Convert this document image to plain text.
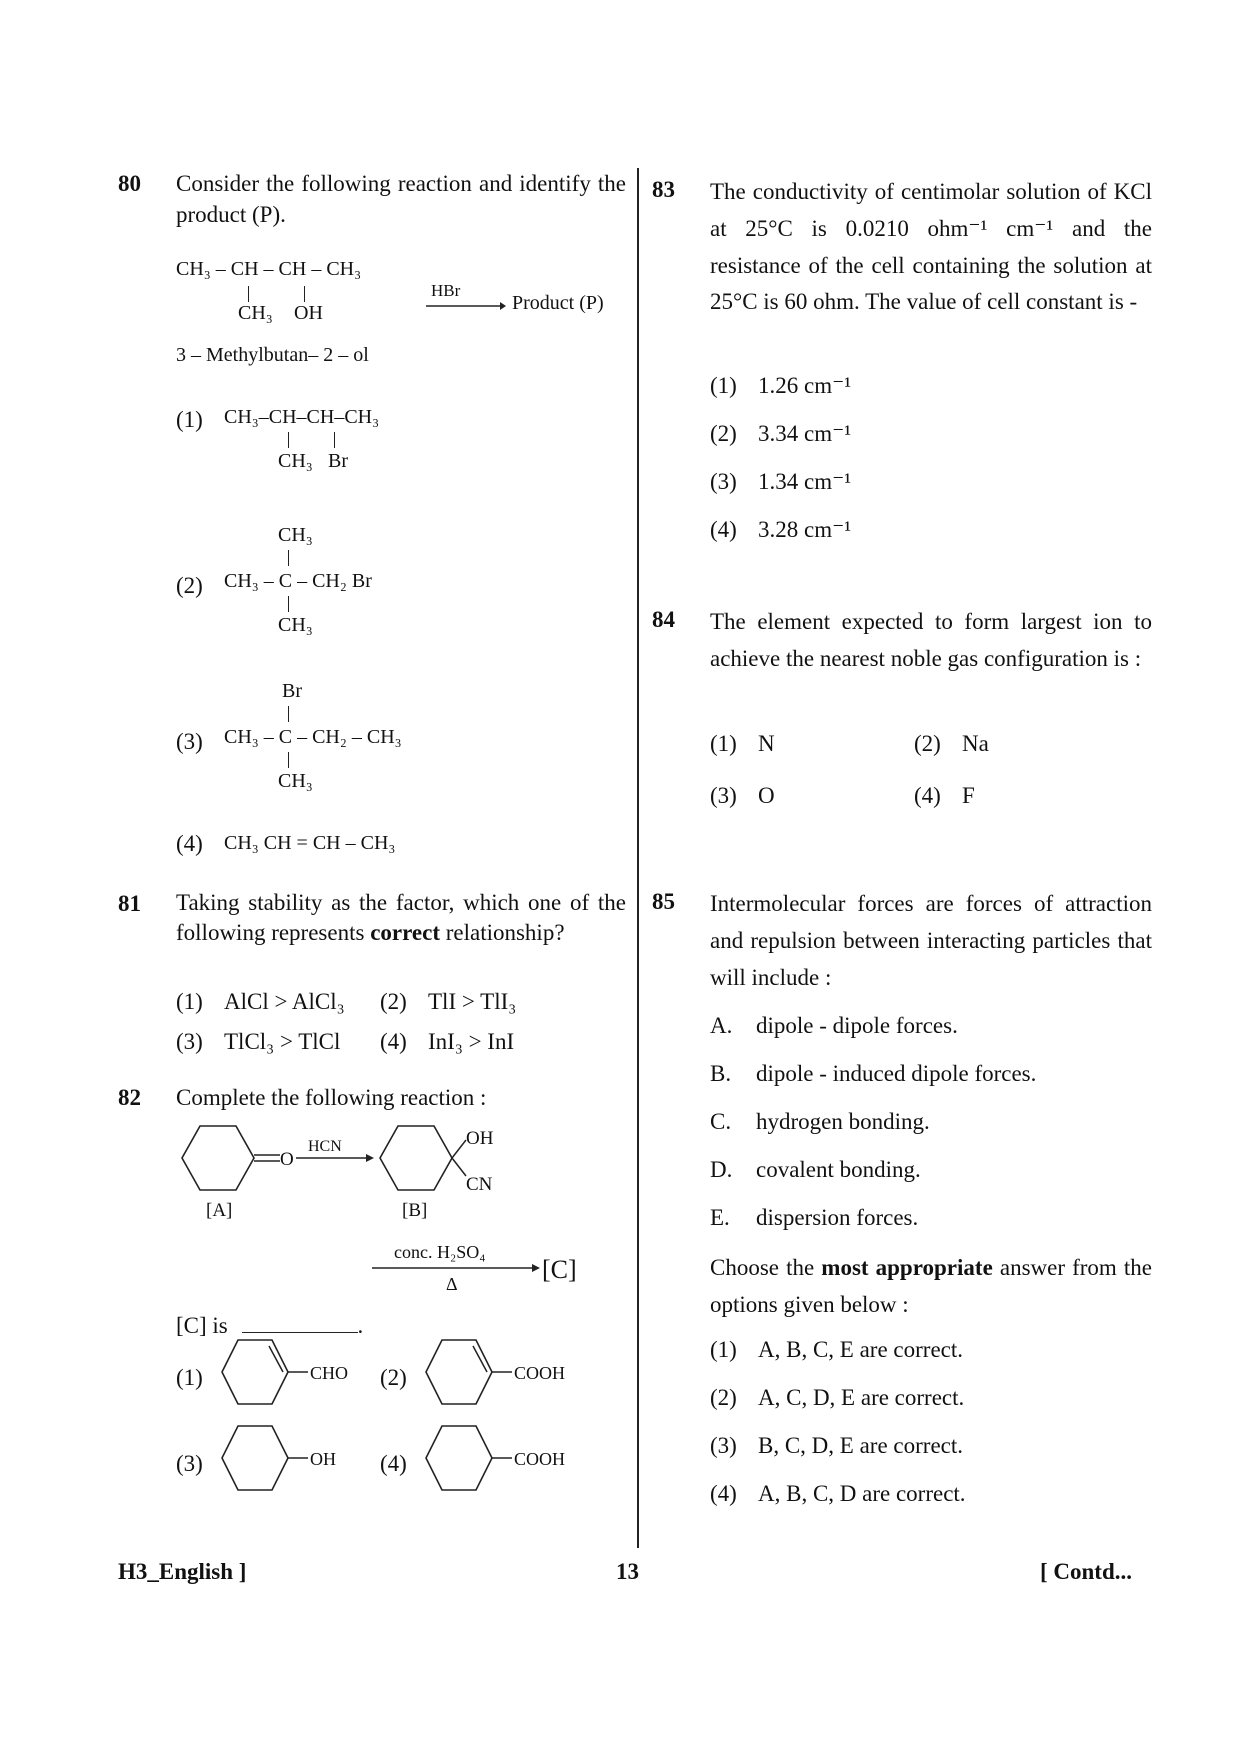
80 Consider the following reaction and identify the product (P).
CH₃ – CH – CH – CH₃
CH₃ OH
HBr
→ Product (P)
3 – Methylbutan– 2 – ol
(1)	CH₃–CH–CH–CH₃
CH₃ Br
(2)
CH₃
CH₃ – C – CH₂ Br
CH₃
(3)
Br
CH₃ – C – CH₂ – CH₃
CH₃
(4)	CH₃ CH = CH – CH₃
81 Taking stability as the factor, which one of the following represents correct relationship?
(1) AlCl > AlCl₃ (2) TlI > TlI₃
(3) TlCl₃ > TlCl (4) InI₃ > InI
82 Complete the following reaction :
O
HCN	OH
CN
[A]	[B]
conc. H₂SO₄
Δ	[C]
[C] is	.
(1)	CHO (2)	COOH
(3)	OH (4)	COOH
83 The conductivity of centimolar solution of KCl at 25°C is 0.0210 ohm⁻¹ cm⁻¹ and the resistance of the cell containing the solution at 25°C is 60 ohm. The value of cell constant is -
(1) 1.26 cm⁻¹
(2) 3.34 cm⁻¹
(3) 1.34 cm⁻¹
(4) 3.28 cm⁻¹
84 The element expected to form largest ion to achieve the nearest noble gas configuration is :
(1) N	(2) Na
(3) O	(4) F
85 Intermolecular forces are forces of attraction and repulsion between interacting particles that will include :
A. dipole - dipole forces.
B. dipole - induced dipole forces.
C. hydrogen bonding.
D. covalent bonding.
E. dispersion forces.
Choose the most appropriate answer from the options given below :
(1) A, B, C, E are correct.
(2) A, C, D, E are correct.
(3) B, C, D, E are correct.
(4) A, B, C, D are correct.
H3_English ]	13	[ Contd...
